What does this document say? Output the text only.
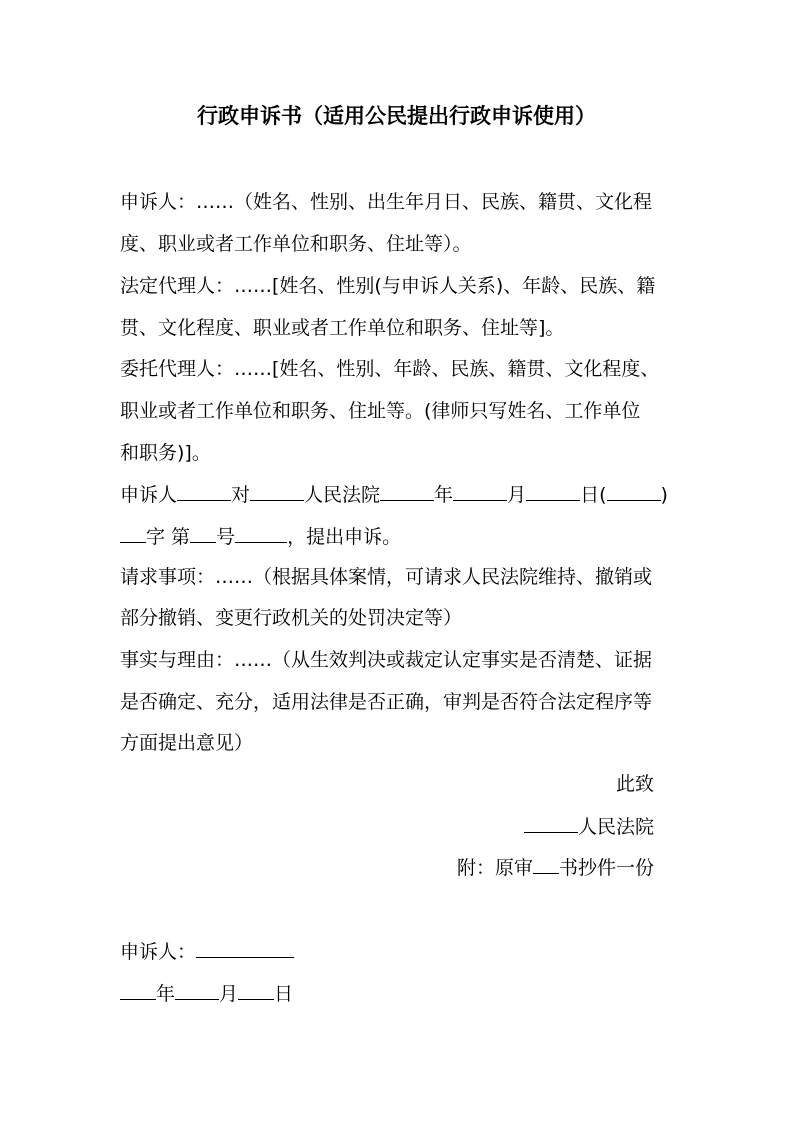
行政申诉书（适用公民提出行政申诉使用）
申诉人：……（姓名、性别、出生年月日、民族、籍贯、文化程
度、职业或者工作单位和职务、住址等）。
法定代理人：……[姓名、性别(与申诉人关系)、年龄、民族、籍
贯、文化程度、职业或者工作单位和职务、住址等]。
委托代理人：……[姓名、性别、年龄、民族、籍贯、文化程度、
职业或者工作单位和职务、住址等。(律师只写姓名、工作单位
和职务)]。
申诉人	对	人民法院	年	月	日(	)
字 第 号	，提出申诉。
请求事项：……（根据具体案情，可请求人民法院维持、撤销或
部分撤销、变更行政机关的处罚决定等）
事实与理由：……（从生效判决或裁定认定事实是否清楚、证据
是否确定、充分，适用法律是否正确，审判是否符合法定程序等
方面提出意见）
此致
人民法院
附：原审 书抄件一份
申诉人：
年 月 日
